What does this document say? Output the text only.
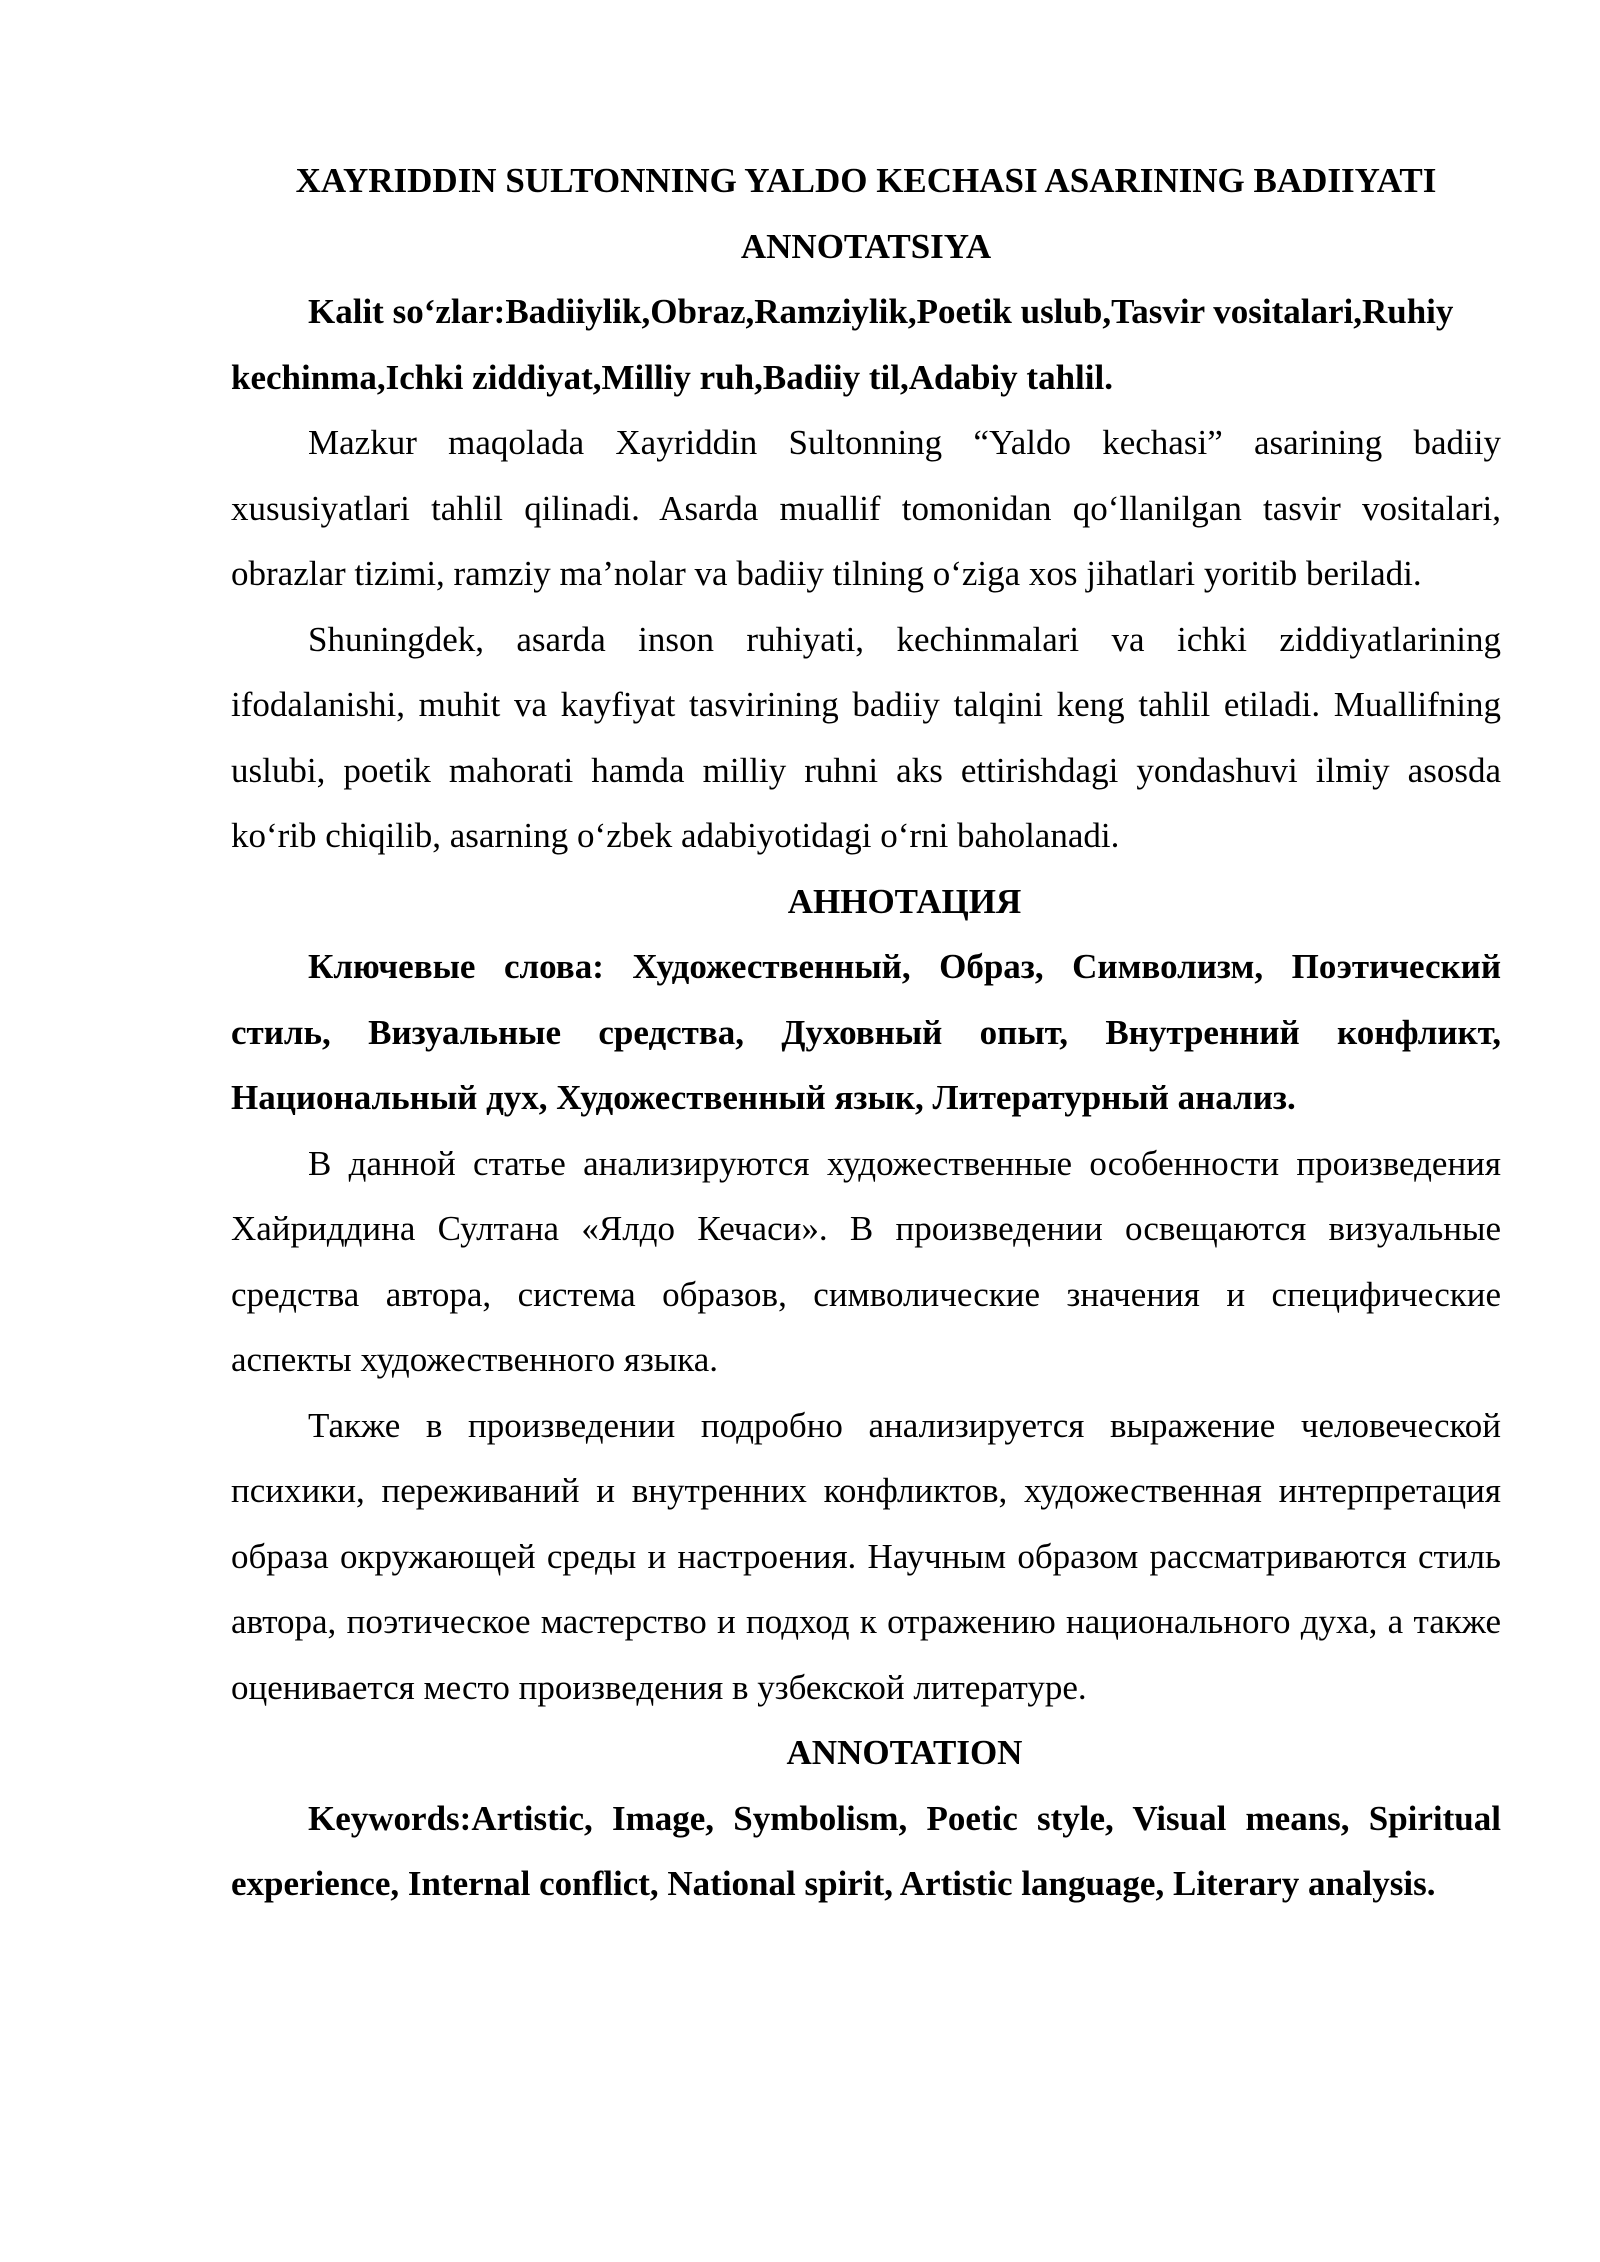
XAYRIDDIN SULTONNING YALDO KECHASI ASARINING BADIIYATI

ANNOTATSIYA

Kalit so‘zlar:Badiiylik,Obraz,Ramziylik,Poetik uslub,Tasvir vositalari,Ruhiy kechinma,Ichki ziddiyat,Milliy ruh,Badiiy til,Adabiy tahlil.

Mazkur maqolada Xayriddin Sultonning “Yaldo kechasi” asarining badiiy xususiyatlari tahlil qilinadi. Asarda muallif tomonidan qo‘llanilgan tasvir vositalari, obrazlar tizimi, ramziy ma’nolar va badiiy tilning o‘ziga xos jihatlari yoritib beriladi.

Shuningdek, asarda inson ruhiyati, kechinmalari va ichki ziddiyatlarining ifodalanishi, muhit va kayfiyat tasvirining badiiy talqini keng tahlil etiladi. Muallifning uslubi, poetik mahorati hamda milliy ruhni aks ettirishdagi yondashuvi ilmiy asosda ko‘rib chiqilib, asarning o‘zbek adabiyotidagi o‘rni baholanadi.

АННОТАЦИЯ

Ключевые слова: Художественный, Образ, Символизм, Поэтический стиль, Визуальные средства, Духовный опыт, Внутренний конфликт, Национальный дух, Художественный язык, Литературный анализ.

В данной статье анализируются художественные особенности произведения Хайриддина Султана «Ялдо Кечаси». В произведении освещаются визуальные средства автора, система образов, символические значения и специфические аспекты художественного языка.

Также в произведении подробно анализируется выражение человеческой психики, переживаний и внутренних конфликтов, художественная интерпретация образа окружающей среды и настроения. Научным образом рассматриваются стиль автора, поэтическое мастерство и подход к отражению национального духа, а также оценивается место произведения в узбекской литературе.

ANNOTATION

Keywords:Artistic, Image, Symbolism, Poetic style, Visual means, Spiritual experience, Internal conflict, National spirit, Artistic language, Literary analysis.
